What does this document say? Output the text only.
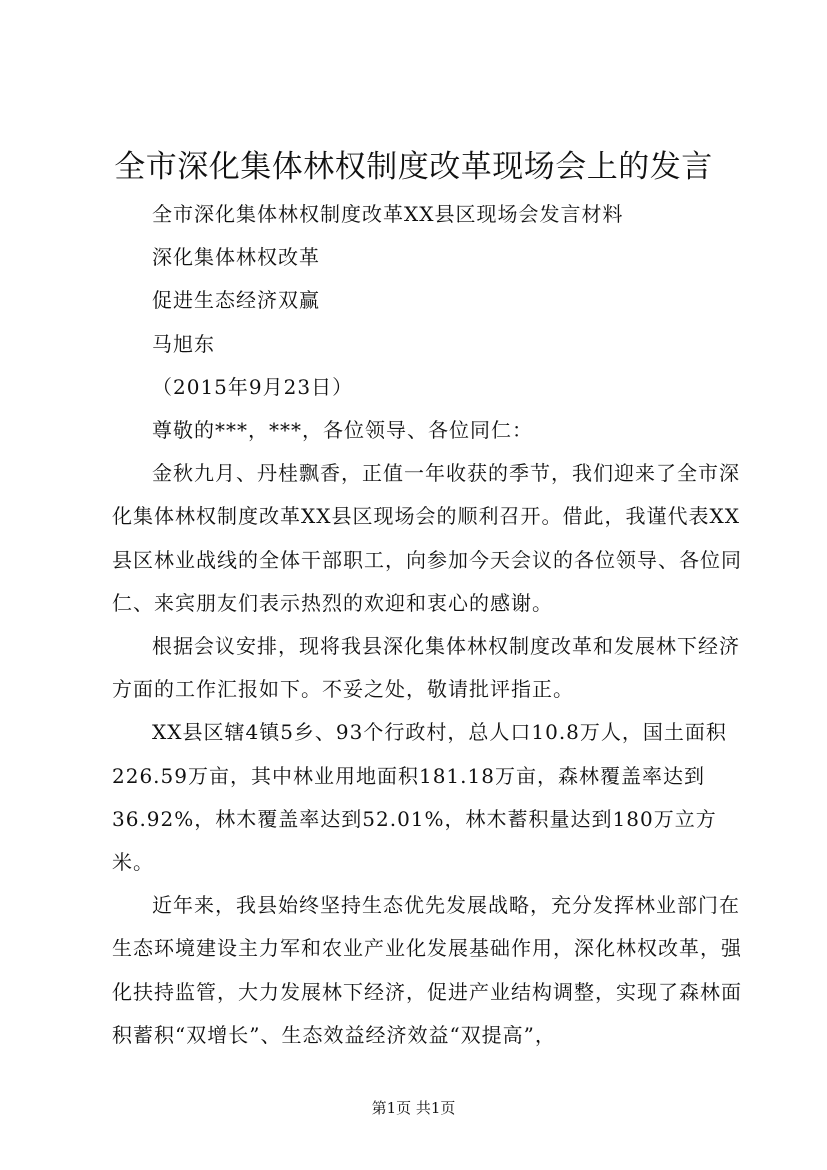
全市深化集体林权制度改革现场会上的发言

全市深化集体林权制度改革XX县区现场会发言材料

深化集体林权改革

促进生态经济双赢

马旭东

（2015年9月23日）

尊敬的***，***，各位领导、各位同仁：

金秋九月、丹桂飘香，正值一年收获的季节，我们迎来了全市深化集体林权制度改革XX县区现场会的顺利召开。借此，我谨代表XX县区林业战线的全体干部职工，向参加今天会议的各位领导、各位同仁、来宾朋友们表示热烈的欢迎和衷心的感谢。

根据会议安排，现将我县深化集体林权制度改革和发展林下经济方面的工作汇报如下。不妥之处，敬请批评指正。

XX县区辖4镇5乡、93个行政村，总人口10.8万人，国土面积226.59万亩，其中林业用地面积181.18万亩，森林覆盖率达到36.92%，林木覆盖率达到52.01%，林木蓄积量达到180万立方米。

近年来，我县始终坚持生态优先发展战略，充分发挥林业部门在生态环境建设主力军和农业产业化发展基础作用，深化林权改革，强化扶持监管，大力发展林下经济，促进产业结构调整，实现了森林面积蓄积“双增长”、生态效益经济效益“双提高”，

第1页 共1页
